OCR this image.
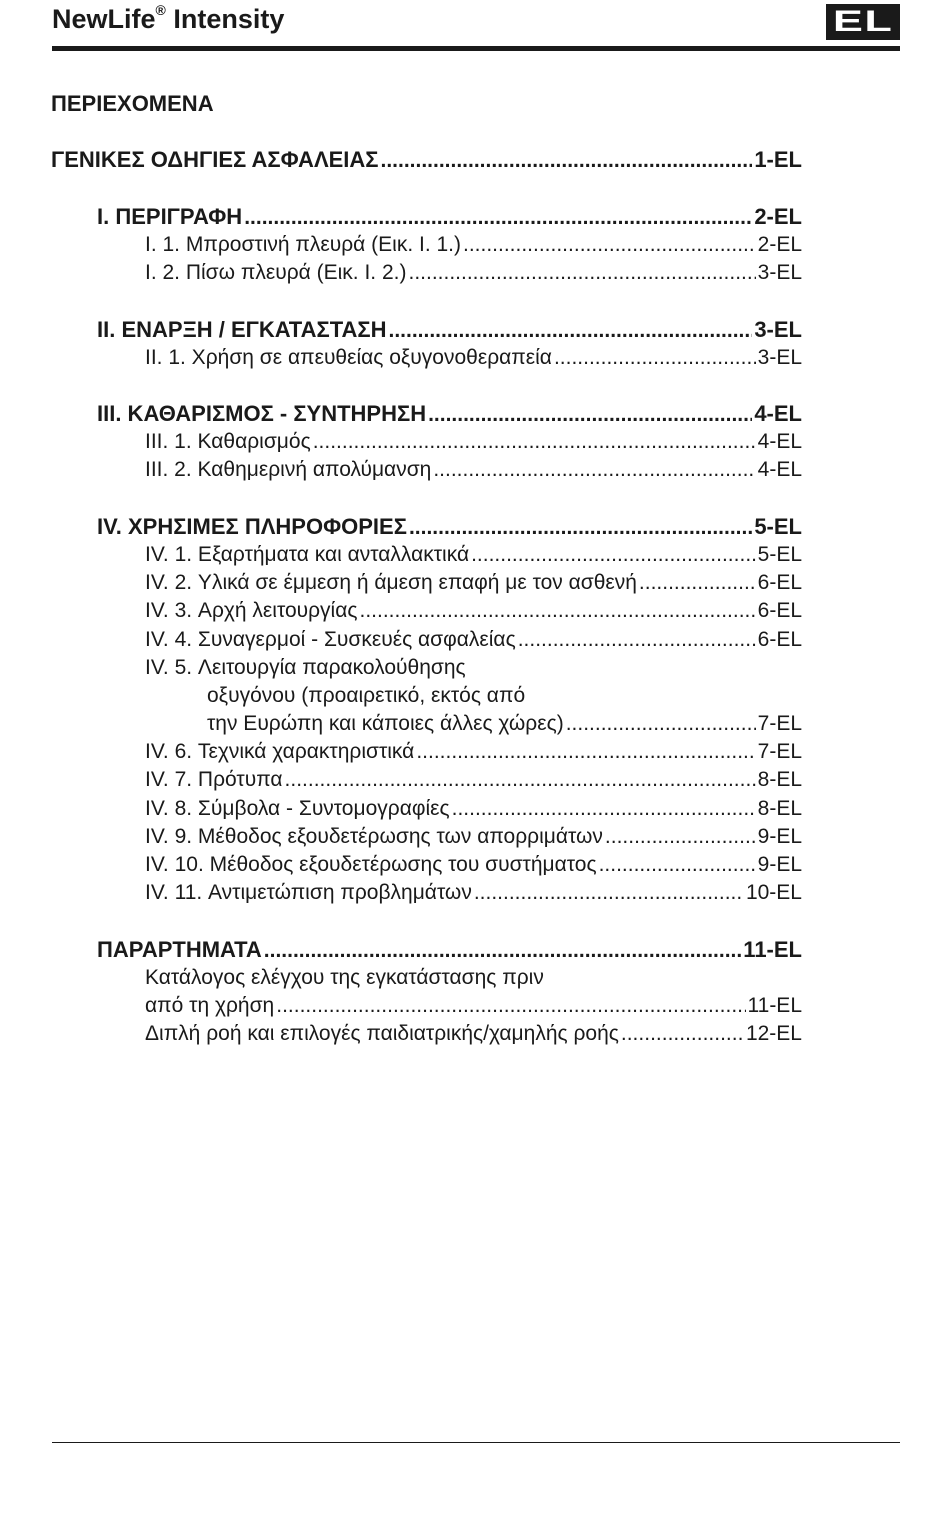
NewLife® Intensity	EL
ΠΕΡΙΕΧΟΜΕΝΑ
ΓΕΝΙΚΕΣ ΟΔΗΓΙΕΣ ΑΣΦΑΛΕΙΑΣ .....	1-EL
I. ΠΕΡΙΓΡΑΦΗ .....	2-EL
I. 1. Μπροστινή πλευρά (Εικ. I. 1.) .....	2-EL
I. 2. Πίσω πλευρά (Εικ. I. 2.) .....	3-EL
II. ΕΝΑΡΞΗ / ΕΓΚΑΤΑΣΤΑΣΗ .....	3-EL
II. 1. Χρήση σε απευθείας οξυγονοθεραπεία .....	3-EL
III. ΚΑΘΑΡΙΣΜΟΣ - ΣΥΝΤΗΡΗΣΗ .....	4-EL
III. 1. Καθαρισμός .....	4-EL
III. 2. Καθημερινή απολύμανση .....	4-EL
IV. ΧΡΗΣΙΜΕΣ ΠΛΗΡΟΦΟΡΙΕΣ .....	5-EL
IV. 1. Εξαρτήματα και ανταλλακτικά .....	5-EL
IV. 2. Υλικά σε έμμεση ή άμεση επαφή με τον ασθενή .....	6-EL
IV. 3. Αρχή λειτουργίας .....	6-EL
IV. 4. Συναγερμοί - Συσκευές ασφαλείας .....	6-EL
IV. 5. Λειτουργία παρακολούθησης
οξυγόνου (προαιρετικό, εκτός από
την Ευρώπη και κάποιες άλλες χώρες) .....	7-EL
IV. 6. Τεχνικά χαρακτηριστικά .....	7-EL
IV. 7. Πρότυπα .....	8-EL
IV. 8. Σύμβολα - Συντομογραφίες .....	8-EL
IV. 9. Μέθοδος εξουδετέρωσης των απορριμάτων .....	9-EL
IV. 10. Μέθοδος εξουδετέρωσης του συστήματος .....	9-EL
IV. 11. Αντιμετώπιση προβλημάτων .....	10-EL
ΠΑΡΑΡΤΗΜΑΤΑ .....	11-EL
Κατάλογος ελέγχου της εγκατάστασης πριν
από τη χρήση .....	11-EL
Διπλή ροή και επιλογές παιδιατρικής/χαμηλής ροής .....	12-EL
